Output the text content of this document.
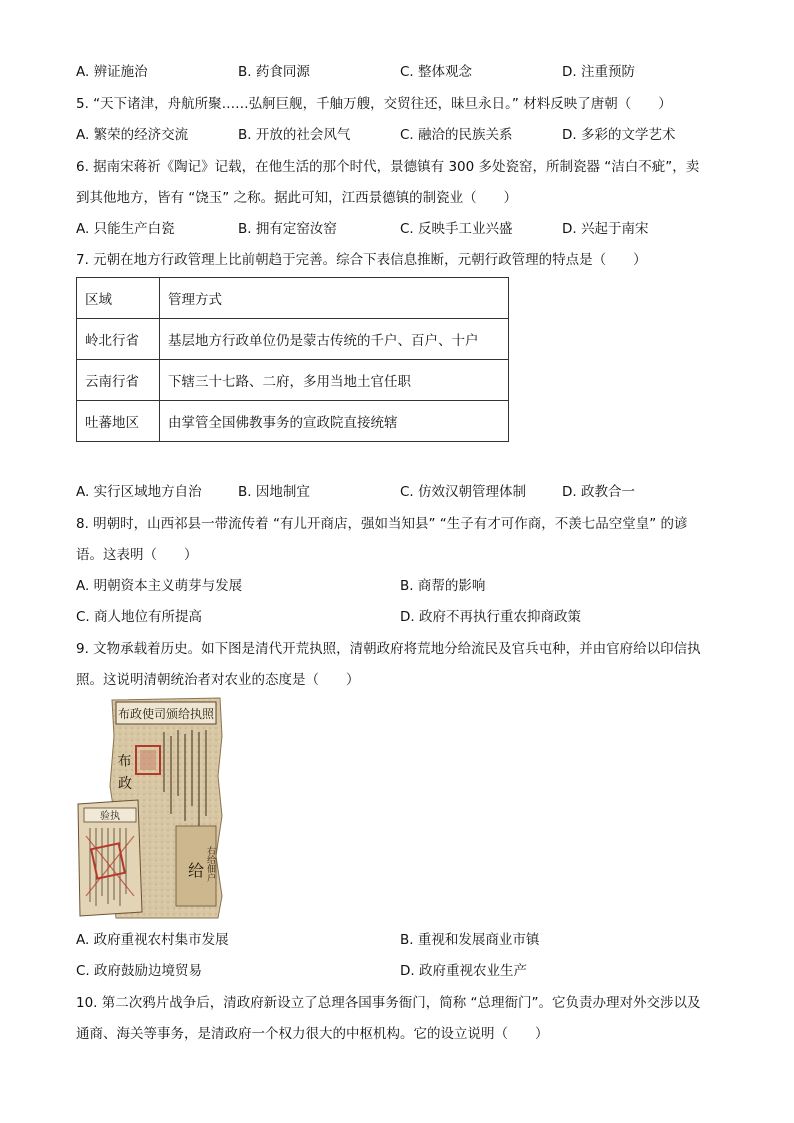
A. 辨证施治	B. 药食同源	C. 整体观念	D. 注重预防
5. “天下诸津，舟航所聚……弘舸巨舰，千舳万艘，交贸往还，昧旦永日。” 材料反映了唐朝（　　）
A. 繁荣的经济交流	B. 开放的社会风气	C. 融洽的民族关系	D. 多彩的文学艺术
6. 据南宋蒋祈《陶记》记载，在他生活的那个时代，景德镇有 300 多处瓷窑，所制瓷器 “洁白不疵”，卖
到其他地方，皆有 “饶玉” 之称。据此可知，江西景德镇的制瓷业（　　）
A. 只能生产白瓷	B. 拥有定窑汝窑	C. 反映手工业兴盛	D. 兴起于南宋
7. 元朝在地方行政管理上比前朝趋于完善。综合下表信息推断，元朝行政管理的特点是（　　）
区域	管理方式
岭北行省	基层地方行政单位仍是蒙古传统的千户、百户、十户
云南行省	下辖三十七路、二府，多用当地土官任职
吐蕃地区	由掌管全国佛教事务的宣政院直接统辖
A. 实行区域地方自治	B. 因地制宜	C. 仿效汉朝管理体制	D. 政教合一
8. 明朝时，山西祁县一带流传着 “有儿开商店，强如当知县” “生子有才可作商，不羡七品空堂皇” 的谚
语。这表明（　　）
A. 明朝资本主义萌芽与发展	B. 商帮的影响
C. 商人地位有所提高	D. 政府不再执行重农抑商政策
9. 文物承载着历史。如下图是清代开荒执照，清朝政府将荒地分给流民及官兵屯种，并由官府给以印信执
照。这说明清朝统治者对农业的态度是（　　）
布政使司颁给执照
布
政
给 右给佃户
验执
A. 政府重视农村集市发展	B. 重视和发展商业市镇
C. 政府鼓励边境贸易	D. 政府重视农业生产
10. 第二次鸦片战争后，清政府新设立了总理各国事务衙门，简称 “总理衙门”。它负责办理对外交涉以及
通商、海关等事务，是清政府一个权力很大的中枢机构。它的设立说明（　　）
